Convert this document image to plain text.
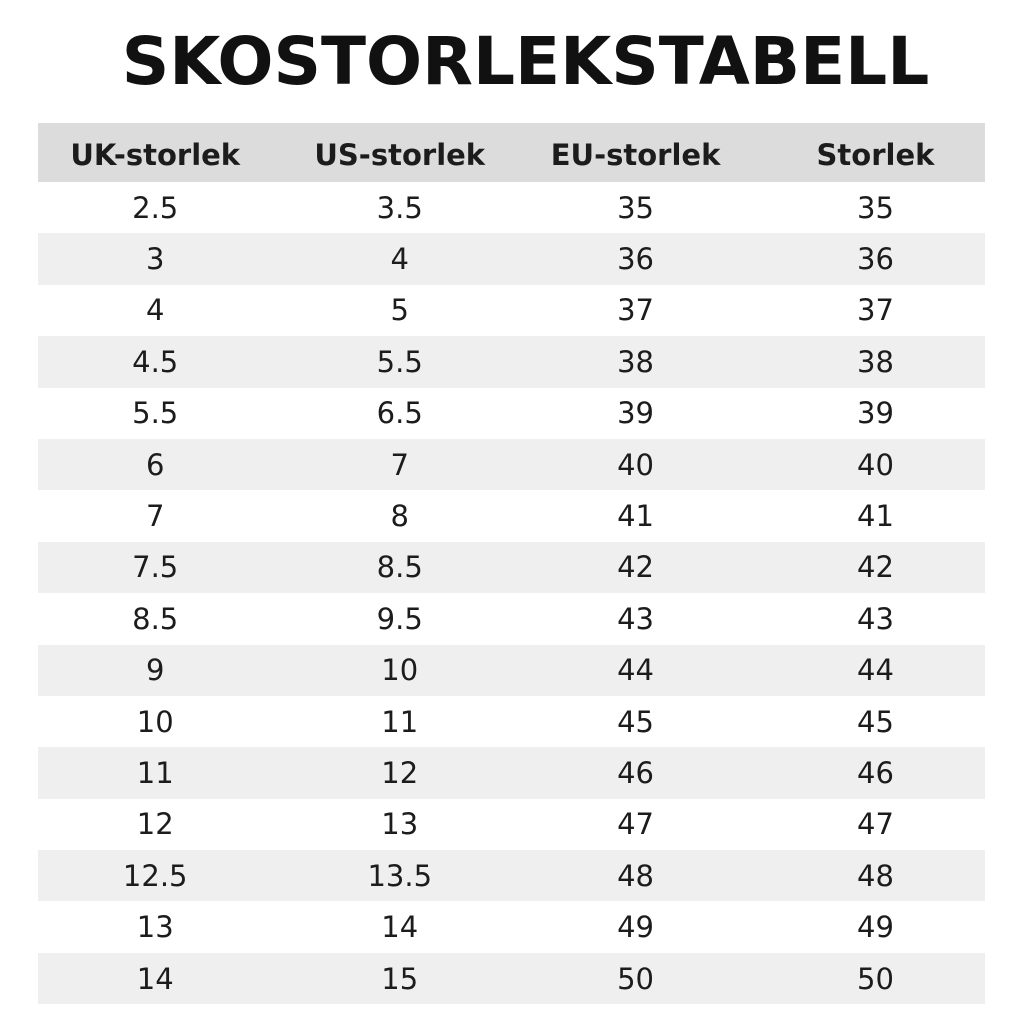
SKOSTORLEKSTABELL
UK-storlek	US-storlek	EU-storlek	Storlek
2.5	3.5	35	35
3	4	36	36
4	5	37	37
4.5	5.5	38	38
5.5	6.5	39	39
6	7	40	40
7	8	41	41
7.5	8.5	42	42
8.5	9.5	43	43
9	10	44	44
10	11	45	45
11	12	46	46
12	13	47	47
12.5	13.5	48	48
13	14	49	49
14	15	50	50
